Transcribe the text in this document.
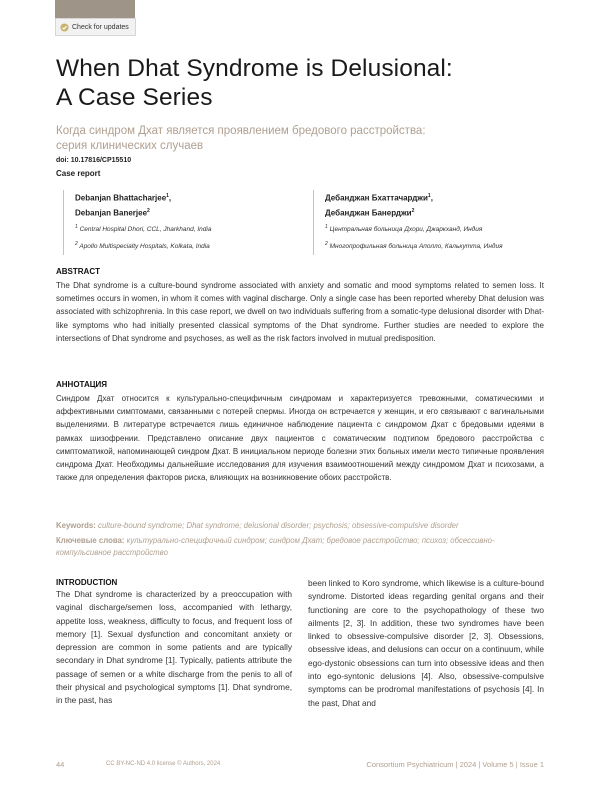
Check for updates
When Dhat Syndrome is Delusional:
A Case Series
Когда синдром Дхат является проявлением бредового расстройства:
серия клинических случаев
doi: 10.17816/CP15510
Case report
Debanjan Bhattacharjee$^1$,
Debanjan Banerjee$^2$
$^1$ Central Hospital Dhori, CCL, Jharkhand, India
$^2$ Apollo Multispecialty Hospitals, Kolkata, India
Дебанджан Бхаттачарджи$^1$,
Дебанджан Банерджи$^2$
$^1$ Центральная больница Дхори, Джаркханд, Индия
$^2$ Многопрофильная больница Аполло, Калькутта, Индия
ABSTRACT
The Dhat syndrome is a culture-bound syndrome associated with anxiety and somatic and mood symptoms related to semen loss. It sometimes occurs in women, in whom it comes with vaginal discharge. Only a single case has been reported whereby Dhat delusion was associated with schizophrenia. In this case report, we dwell on two individuals suffering from a somatic-type delusional disorder with Dhat-like symptoms who had initially presented classical symptoms of the Dhat syndrome. Further studies are needed to explore the intersections of Dhat syndrome and psychoses, as well as the risk factors involved in mutual predisposition.
АННОТАЦИЯ
Синдром Дхат относится к культурально-специфичным синдромам и характеризуется тревожными, соматическими и аффективными симптомами, связанными с потерей спермы. Иногда он встречается у женщин, и его связывают с вагинальными выделениями. В литературе встречается лишь единичное наблюдение пациента с синдромом Дхат с бредовыми идеями в рамках шизофрении. Представлено описание двух пациентов с соматическим подтипом бредового расстройства с симптоматикой, напоминающей синдром Дхат. В инициальном периоде болезни этих больных имели место типичные проявления синдрома Дхат. Необходимы дальнейшие исследования для изучения взаимоотношений между синдромом Дхат и психозами, а также для определения факторов риска, влияющих на возникновение обоих расстройств.
Keywords: culture-bound syndrome; Dhat syndrome; delusional disorder; psychosis; obsessive-compulsive disorder
Ключевые слова: культурально-специфичный синдром; синдром Дхат; бредовое расстройство; психоз; обсессивно-компульсивное расстройство
INTRODUCTION
The Dhat syndrome is characterized by a preoccupation with vaginal discharge/semen loss, accompanied with lethargy, appetite loss, weakness, difficulty to focus, and frequent loss of memory [1]. Sexual dysfunction and concomitant anxiety or depression are common in some patients and are typically secondary in Dhat syndrome [1]. Typically, patients attribute the passage of semen or a white discharge from the penis to all of their physical and psychological symptoms [1]. Dhat syndrome, in the past, has
been linked to Koro syndrome, which likewise is a culture-bound syndrome. Distorted ideas regarding genital organs and their functioning are core to the psychopathology of these two ailments [2, 3]. In addition, these two syndromes have been linked to obsessive-compulsive disorder [2, 3]. Obsessions, obsessive ideas, and delusions can occur on a continuum, while ego-dystonic obsessions can turn into obsessive ideas and then into ego-syntonic delusions [4]. Also, obsessive-compulsive symptoms can be prodromal manifestations of psychosis [4]. In the past, Dhat and
44	CC BY-NC-ND 4.0 license © Authors, 2024	Consortium Psychiatricum | 2024 | Volume 5 | Issue 1
